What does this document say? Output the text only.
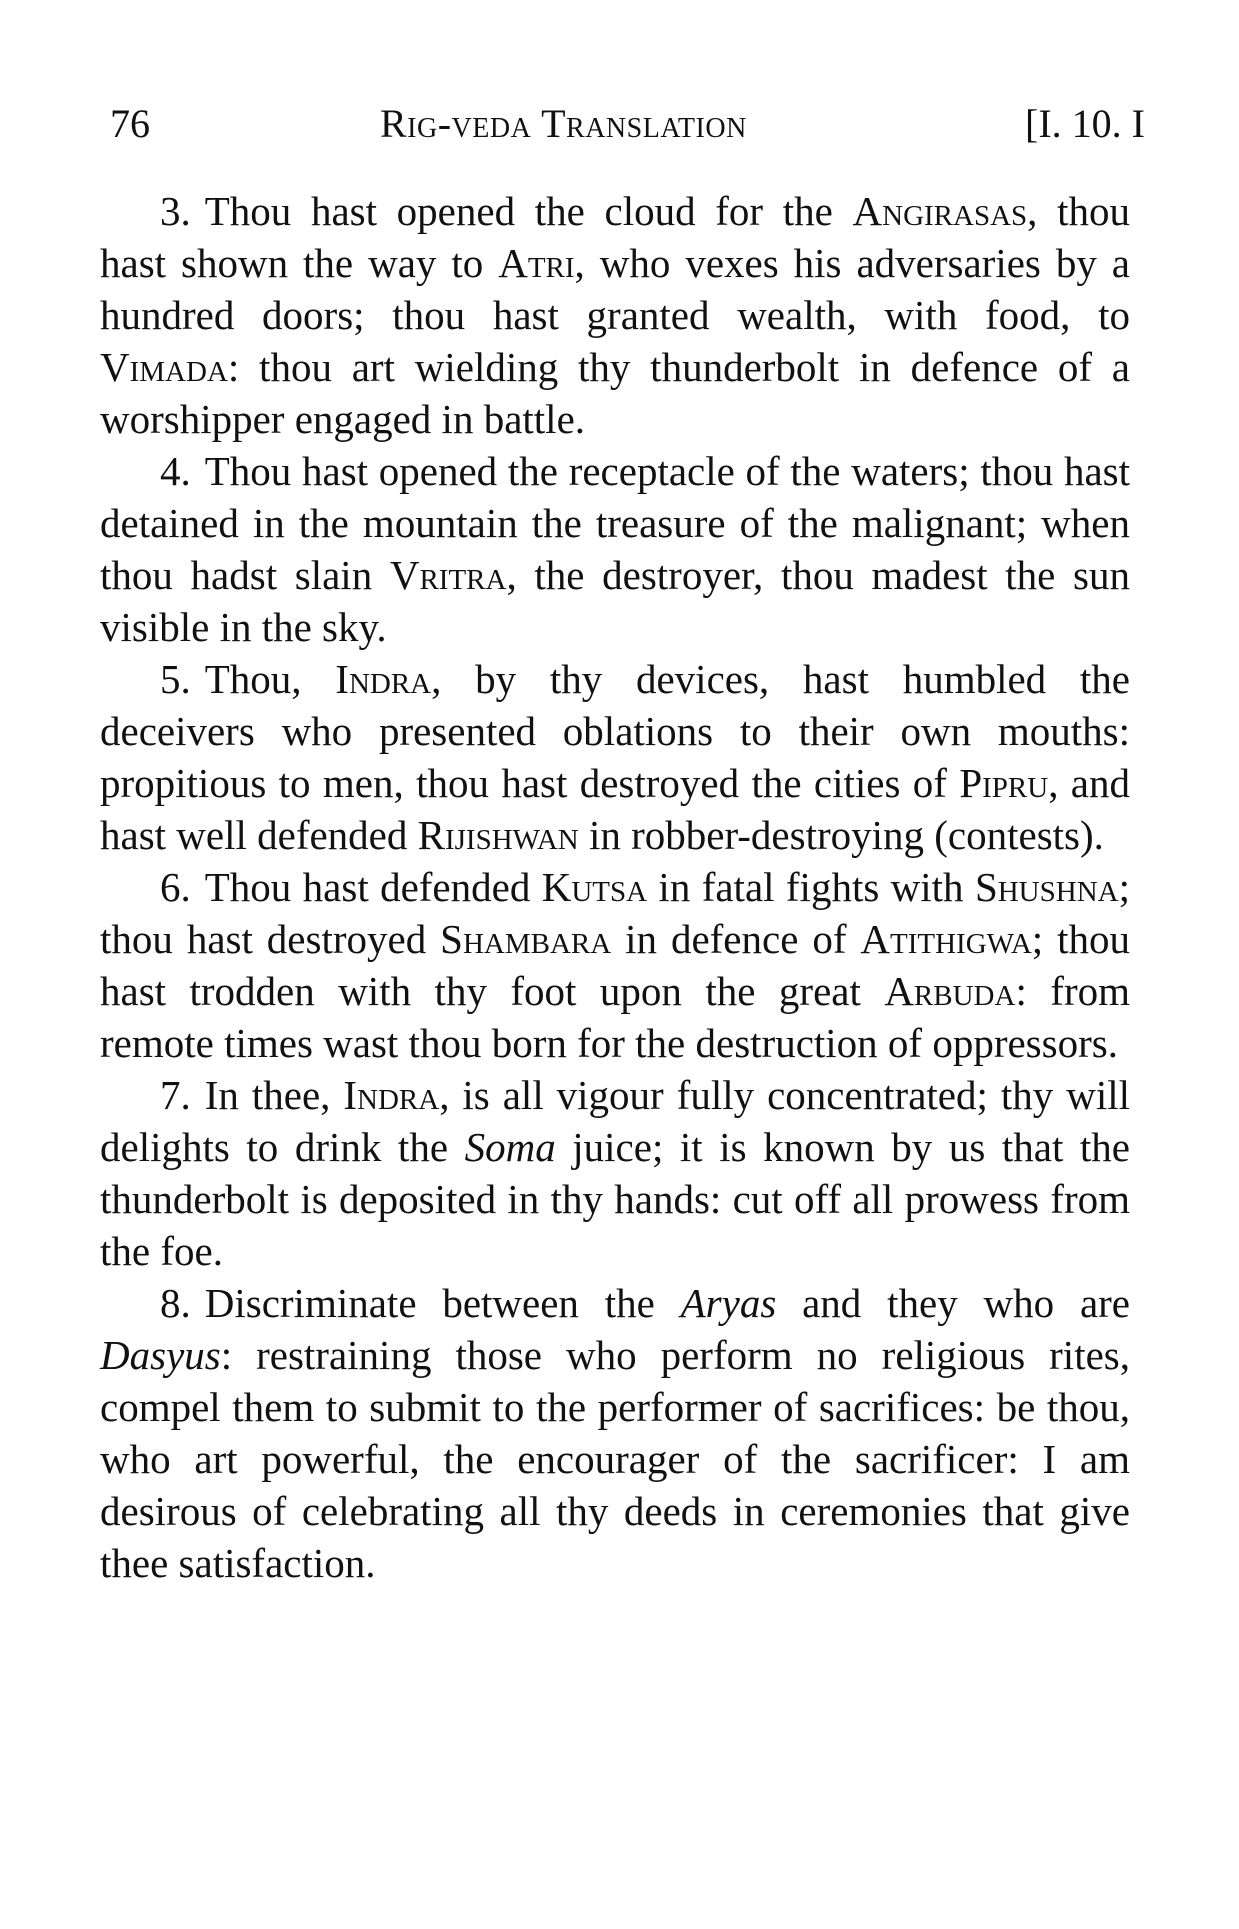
76	Rig-veda Translation	[I. 10. I

3. Thou hast opened the cloud for the Angirasas, thou hast shown the way to Atri, who vexes his adversaries by a hundred doors; thou hast granted wealth, with food, to Vimada: thou art wielding thy thunderbolt in defence of a worshipper engaged in battle.

4. Thou hast opened the receptacle of the waters; thou hast detained in the mountain the treasure of the malignant; when thou hadst slain Vritra, the destroyer, thou madest the sun visible in the sky.

5. Thou, Indra, by thy devices, hast humbled the deceivers who presented oblations to their own mouths: propitious to men, thou hast destroyed the cities of Pipru, and hast well defended Rijishwan in robber-destroying (contests).

6. Thou hast defended Kutsa in fatal fights with Shushna; thou hast destroyed Shambara in defence of Atithigwa; thou hast trodden with thy foot upon the great Arbuda: from remote times wast thou born for the destruction of oppressors.

7. In thee, Indra, is all vigour fully concentrated; thy will delights to drink the Soma juice; it is known by us that the thunderbolt is deposited in thy hands: cut off all prowess from the foe.

8. Discriminate between the Aryas and they who are Dasyus: restraining those who perform no religious rites, compel them to submit to the performer of sacrifices: be thou, who art powerful, the encourager of the sacrificer: I am desirous of celebrating all thy deeds in ceremonies that give thee satisfaction.
